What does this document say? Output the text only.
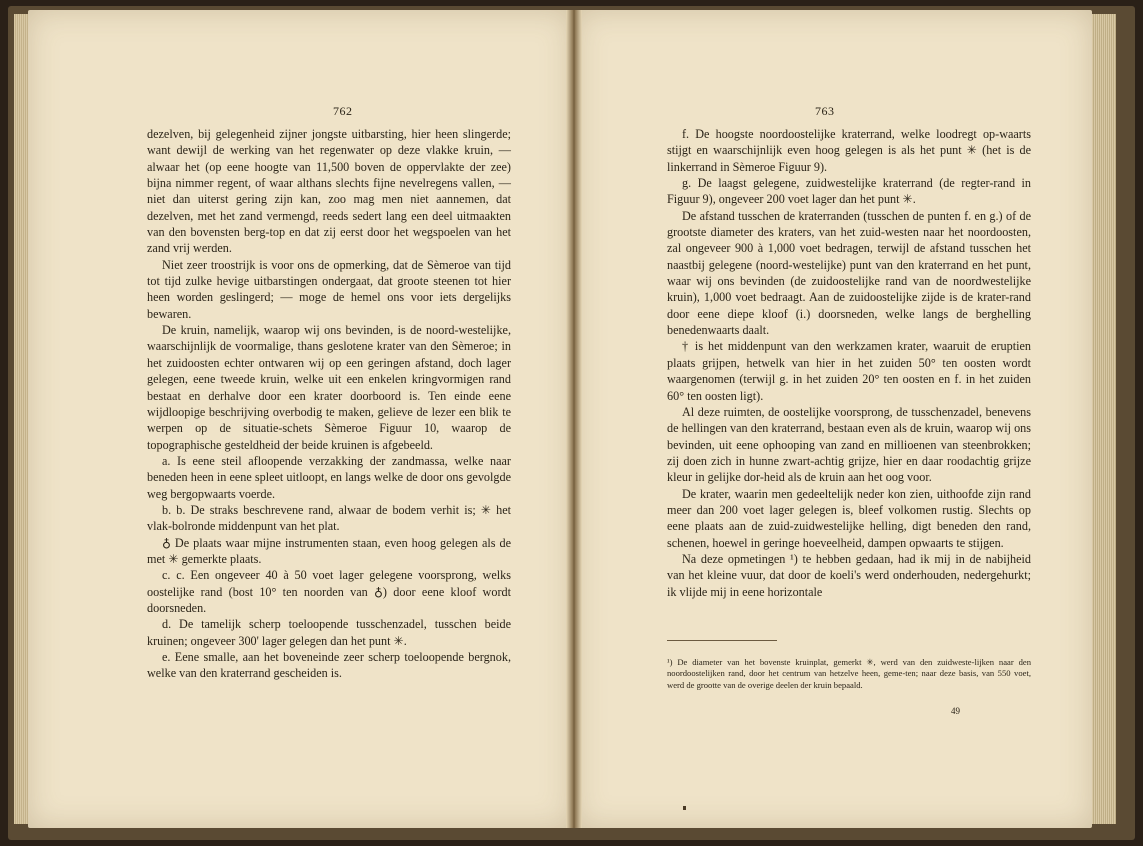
762	763

dezelven, bij gelegenheid zijner jongste uitbarsting, hier heen slingerde; want dewijl de werking van het regenwater op deze vlakke kruin, — alwaar het (op eene hoogte van 11,500 boven de oppervlakte der zee) bijna nimmer regent, of waar althans slechts fijne nevelregens vallen, — niet dan uiterst gering zijn kan, zoo mag men niet aannemen, dat dezelven, met het zand vermengd, reeds sedert lang een deel uitmaakten van den bovensten berg-top en dat zij eerst door het wegspoelen van het zand vrij werden.

Niet zeer troostrijk is voor ons de opmerking, dat de Sèmeroe van tijd tot tijd zulke hevige uitbarstingen ondergaat, dat groote steenen tot hier heen worden geslingerd; — moge de hemel ons voor iets dergelijks bewaren.

De kruin, namelijk, waarop wij ons bevinden, is de noord-westelijke, waarschijnlijk de voormalige, thans geslotene krater van den Sèmeroe; in het zuidoosten echter ontwaren wij op een geringen afstand, doch lager gelegen, eene tweede kruin, welke uit een enkelen kringvormigen rand bestaat en derhalve door een krater doorboord is. Ten einde eene wijdloopige beschrijving overbodig te maken, gelieve de lezer een blik te werpen op de situatie-schets Sèmeroe Figuur 10, waarop de topographische gesteldheid der beide kruinen is afgebeeld.

a. Is eene steil afloopende verzakking der zandmassa, welke naar beneden heen in eene spleet uitloopt, en langs welke de door ons gevolgde weg bergopwaarts voerde.

b. b. De straks beschrevene rand, alwaar de bodem verhit is; ✳ het vlak-bolronde middenpunt van het plat.

♁ De plaats waar mijne instrumenten staan, even hoog gelegen als de met ✳ gemerkte plaats.

c. c. Een ongeveer 40 à 50 voet lager gelegene voorsprong, welks oostelijke rand (bost 10° ten noorden van ♁) door eene kloof wordt doorsneden.

d. De tamelijk scherp toeloopende tusschenzadel, tusschen beide kruinen; ongeveer 300' lager gelegen dan het punt ✳.

e. Eene smalle, aan het boveneinde zeer scherp toeloopende bergnok, welke van den kraterrand gescheiden is.

f. De hoogste noordoostelijke kraterrand, welke loodregt op-waarts stijgt en waarschijnlijk even hoog gelegen is als het punt ✳ (het is de linkerrand in Sèmeroe Figuur 9).

g. De laagst gelegene, zuidwestelijke kraterrand (de regter-rand in Figuur 9), ongeveer 200 voet lager dan het punt ✳.

De afstand tusschen de kraterranden (tusschen de punten f. en g.) of de grootste diameter des kraters, van het zuid-westen naar het noordoosten, zal ongeveer 900 à 1,000 voet bedragen, terwijl de afstand tusschen het naastbij gelegene (noord-westelijke) punt van den kraterrand en het punt, waar wij ons bevinden (de zuidoostelijke rand van de noordwestelijke kruin), 1,000 voet bedraagt. Aan de zuidoostelijke zijde is de krater-rand door eene diepe kloof (i.) doorsneden, welke langs de berghelling benedenwaarts daalt.

† is het middenpunt van den werkzamen krater, waaruit de eruptien plaats grijpen, hetwelk van hier in het zuiden 50° ten oosten wordt waargenomen (terwijl g. in het zuiden 20° ten oosten en f. in het zuiden 60° ten oosten ligt).

Al deze ruimten, de oostelijke voorsprong, de tusschenzadel, benevens de hellingen van den kraterrand, bestaan even als de kruin, waarop wij ons bevinden, uit eene ophooping van zand en millioenen van steenbrokken; zij doen zich in hunne zwart-achtig grijze, hier en daar roodachtig grijze kleur in gelijke dor-heid als de kruin aan het oog voor.

De krater, waarin men gedeeltelijk neder kon zien, uithoofde zijn rand meer dan 200 voet lager gelegen is, bleef volkomen rustig. Slechts op eene plaats aan de zuid-zuidwestelijke helling, digt beneden den rand, schenen, hoewel in geringe hoeveelheid, dampen opwaarts te stijgen.

Na deze opmetingen ¹) te hebben gedaan, had ik mij in de nabijheid van het kleine vuur, dat door de koeli's werd onderhouden, nedergehurkt; ik vlijde mij in eene horizontale

¹) De diameter van het bovenste kruinplat, gemerkt ✳, werd van den zuidweste-lijken naar den noordoostelijken rand, door het centrum van hetzelve heen, geme-ten; naar deze basis, van 550 voet, werd de grootte van de overige deelen der kruin bepaald.
49
